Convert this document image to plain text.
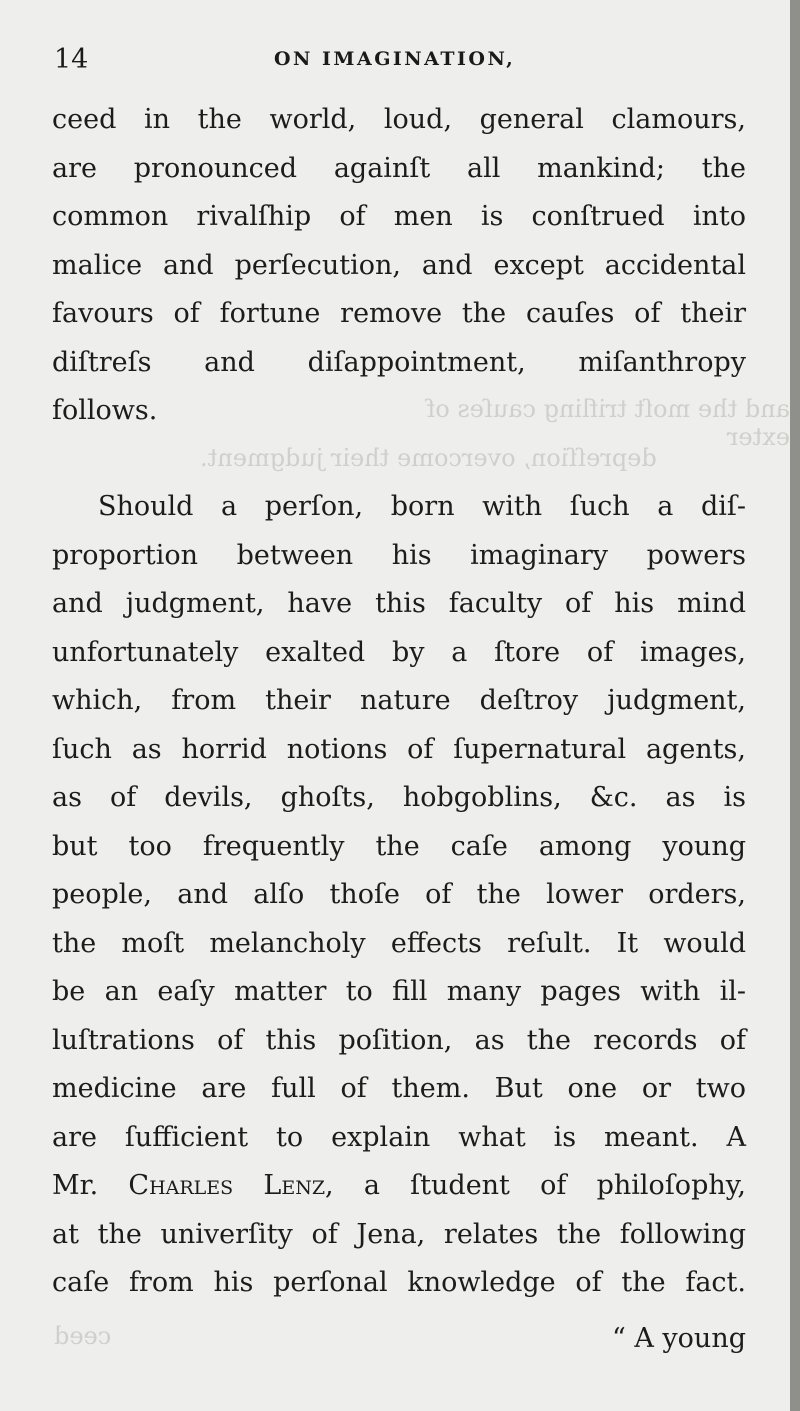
and the moſt trifling cauſes of exter
depreſſion, overcome their judgment.
ceed
14	ON IMAGINATION,
ceed in the world, loud, general clamours,
are pronounced againſt all mankind; the
common rivalſhip of men is conſtrued into
malice and perſecution, and except accidental
favours of fortune remove the cauſes of their
diſtreſs and diſappointment, miſanthropy
follows.
Should a perſon, born with ſuch a diſ-
proportion between his imaginary powers
and judgment, have this faculty of his mind
unfortunately exalted by a ſtore of images,
which, from their nature deſtroy judgment,
ſuch as horrid notions of ſupernatural agents,
as of devils, ghoſts, hobgoblins, &c. as is
but too frequently the caſe among young
people, and alſo thoſe of the lower orders,
the moſt melancholy effects reſult. It would
be an eaſy matter to fill many pages with il-
luſtrations of this poſition, as the records of
medicine are full of them. But one or two
are ſufficient to explain what is meant. A
Mr. Charles Lenz, a ſtudent of philoſophy,
at the univerſity of Jena, relates the following
caſe from his perſonal knowledge of the fact.
“ A young
